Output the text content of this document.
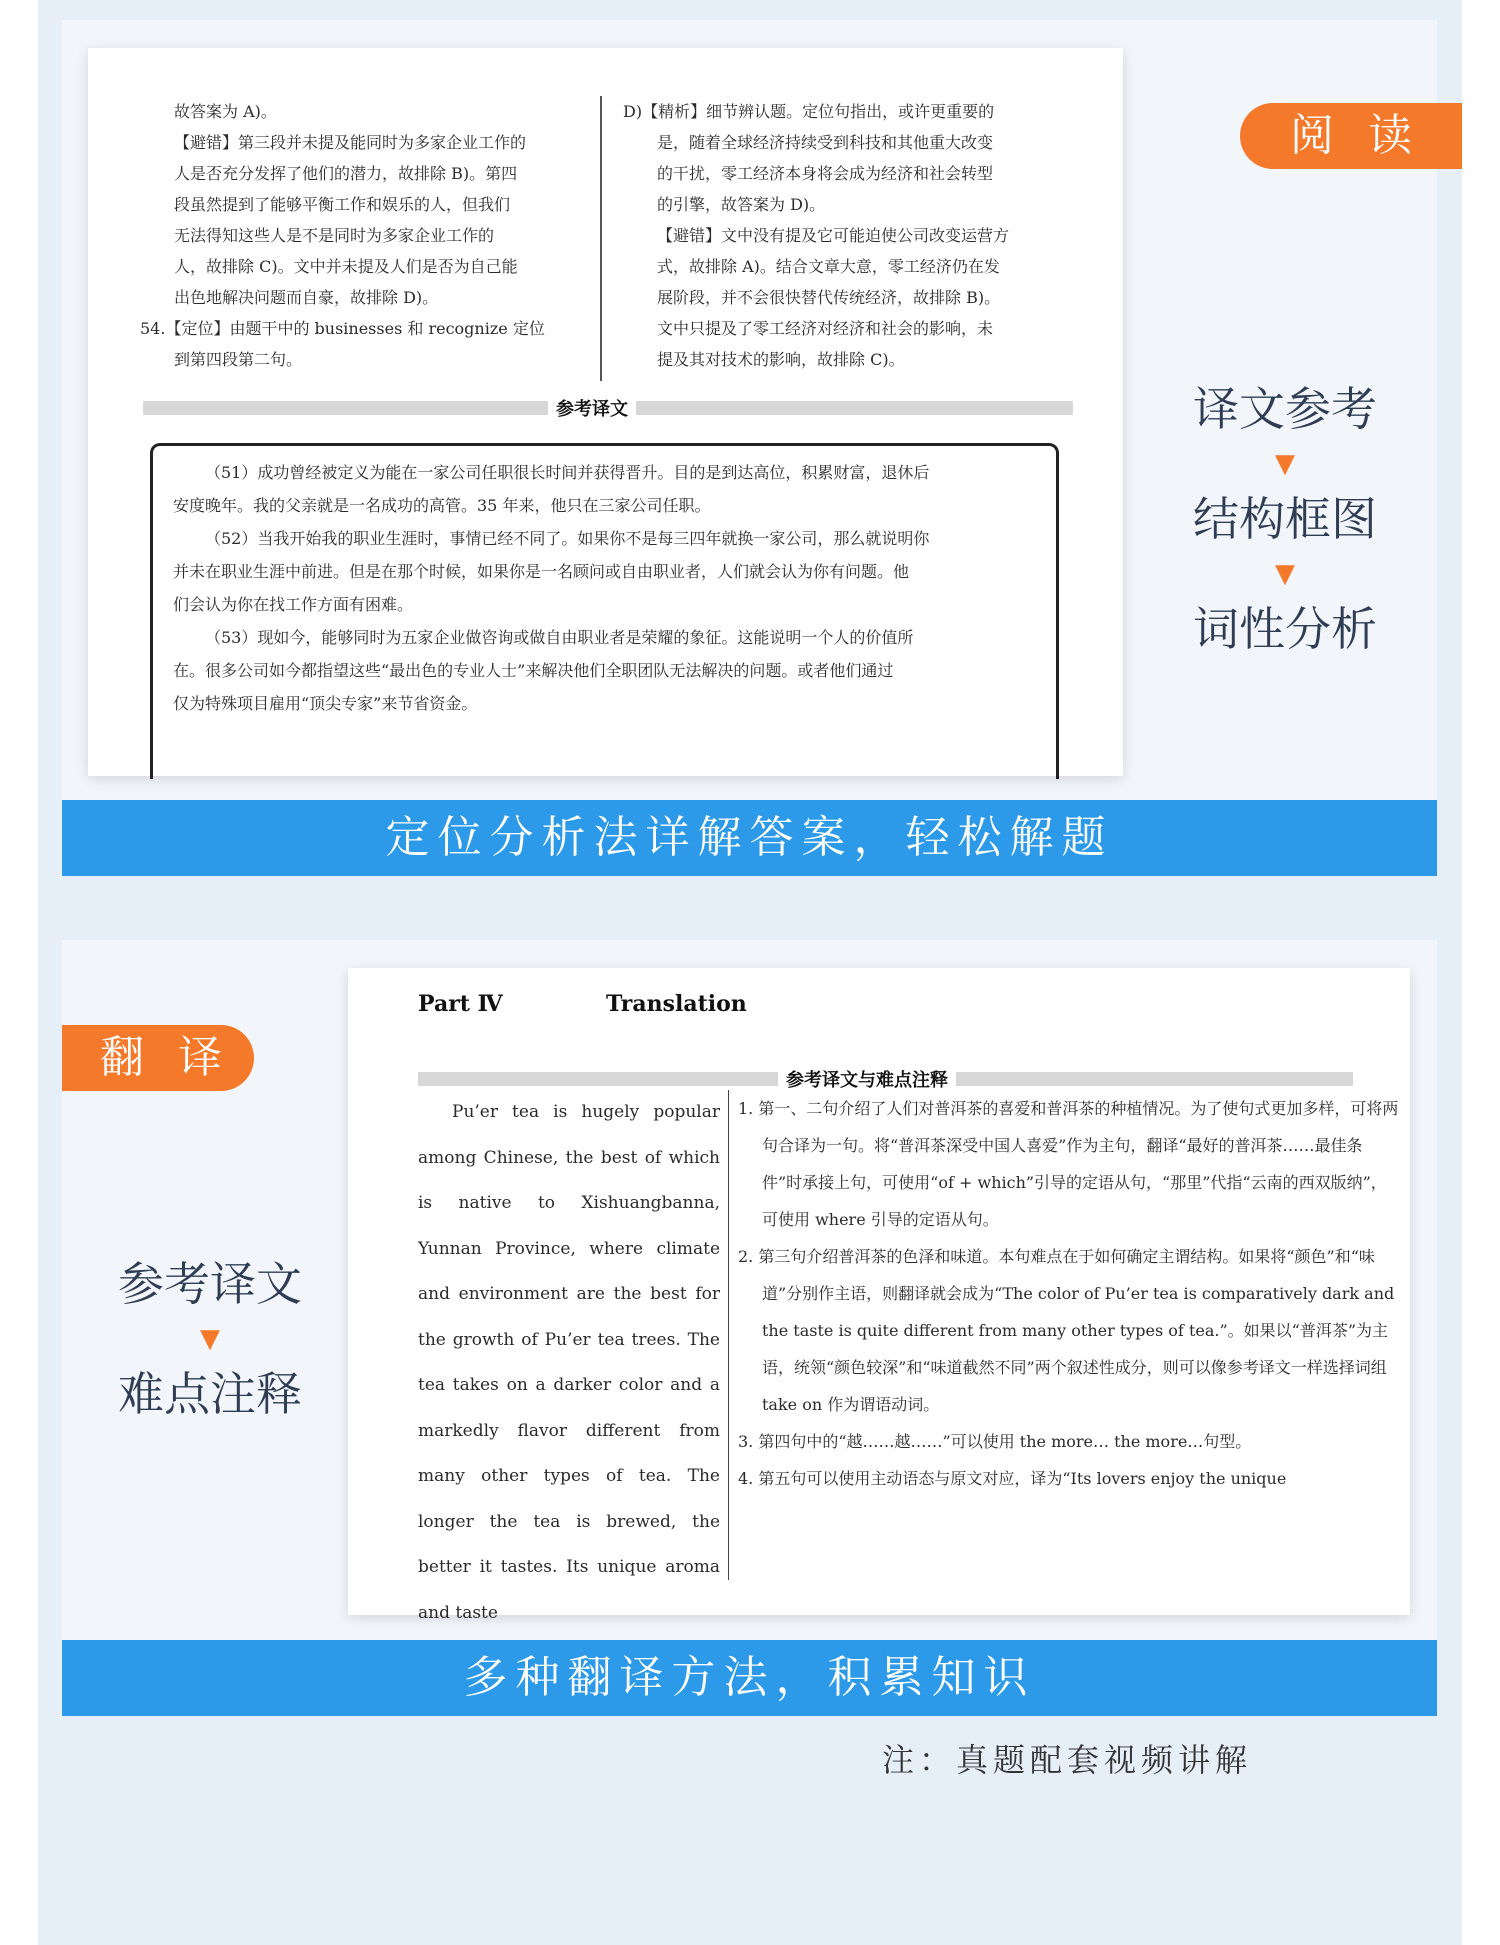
故答案为 A)。

【避错】第三段并未提及能同时为多家企业工作的

人是否充分发挥了他们的潜力，故排除 B)。第四

段虽然提到了能够平衡工作和娱乐的人，但我们

无法得知这些人是不是同时为多家企业工作的

人，故排除 C)。文中并未提及人们是否为自己能

出色地解决问题而自豪，故排除 D)。

54.【定位】由题干中的 businesses 和 recognize 定位

到第四段第二句。

D)【精析】细节辨认题。定位句指出，或许更重要的

是，随着全球经济持续受到科技和其他重大改变

的干扰，零工经济本身将会成为经济和社会转型

的引擎，故答案为 D)。

【避错】文中没有提及它可能迫使公司改变运营方

式，故排除 A)。结合文章大意，零工经济仍在发

展阶段，并不会很快替代传统经济，故排除 B)。

文中只提及了零工经济对经济和社会的影响，未

提及其对技术的影响，故排除 C)。

参考译文

（51）成功曾经被定义为能在一家公司任职很长时间并获得晋升。目的是到达高位，积累财富，退休后

安度晚年。我的父亲就是一名成功的高管。35 年来，他只在三家公司任职。

（52）当我开始我的职业生涯时，事情已经不同了。如果你不是每三四年就换一家公司，那么就说明你

并未在职业生涯中前进。但是在那个时候，如果你是一名顾问或自由职业者，人们就会认为你有问题。他

们会认为你在找工作方面有困难。

（53）现如今，能够同时为五家企业做咨询或做自由职业者是荣耀的象征。这能说明一个人的价值所

在。很多公司如今都指望这些“最出色的专业人士”来解决他们全职团队无法解决的问题。或者他们通过

仅为特殊项目雇用“顶尖专家”来节省资金。

阅 读
译文参考
▼
结构框图
▼
词性分析
定位分析法详解答案，轻松解题
Part Ⅳ	Translation
参考译文与难点注释

Pu’er tea is hugely popular among Chinese, the best of which is native to Xishuangbanna, Yunnan Province, where climate and environment are the best for the growth of Pu’er tea trees. The tea takes on a darker color and a markedly flavor different from many other types of tea. The longer the tea is brewed, the better it tastes. Its unique aroma and taste

1. 第一、二句介绍了人们对普洱茶的喜爱和普洱茶的种植情况。为了使句式更加多样，可将两句合译为一句。将“普洱茶深受中国人喜爱”作为主句，翻译“最好的普洱茶……最佳条件”时承接上句，可使用“of + which”引导的定语从句，“那里”代指“云南的西双版纳”，可使用 where 引导的定语从句。

2. 第三句介绍普洱茶的色泽和味道。本句难点在于如何确定主谓结构。如果将“颜色”和“味道”分别作主语，则翻译就会成为“The color of Pu’er tea is comparatively dark and the taste is quite different from many other types of tea.”。如果以“普洱茶”为主语，统领“颜色较深”和“味道截然不同”两个叙述性成分，则可以像参考译文一样选择词组 take on 作为谓语动词。

3. 第四句中的“越……越……”可以使用 the more… the more…句型。

4. 第五句可以使用主动语态与原文对应，译为“Its lovers enjoy the unique

翻 译
参考译文
▼
难点注释
多种翻译方法，积累知识
注：真题配套视频讲解
